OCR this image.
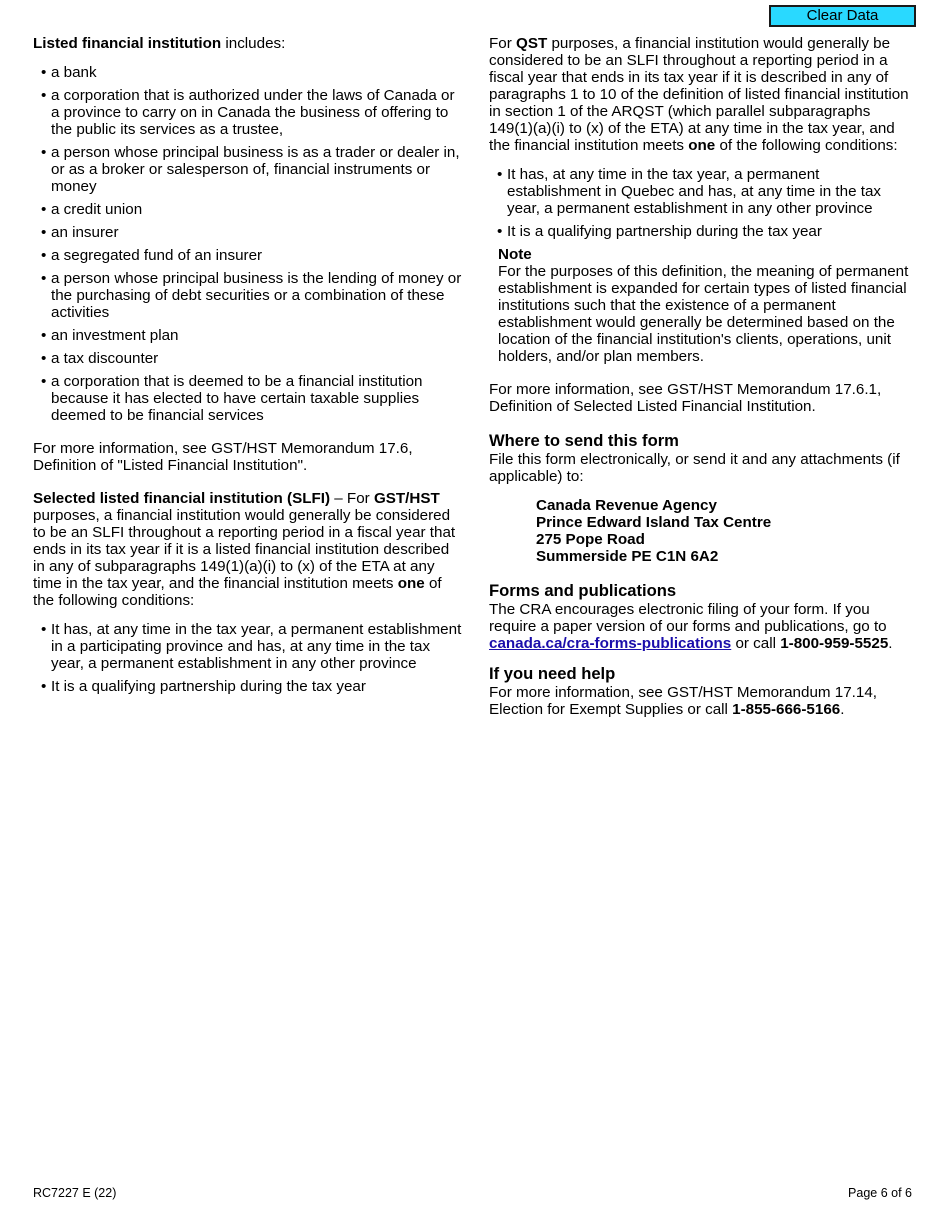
Clear Data

Listed financial institution includes:

• a bank
• a corporation that is authorized under the laws of Canada or a province to carry on in Canada the business of offering to the public its services as a trustee,
• a person whose principal business is as a trader or dealer in, or as a broker or salesperson of, financial instruments or money
• a credit union
• an insurer
• a segregated fund of an insurer
• a person whose principal business is the lending of money or the purchasing of debt securities or a combination of these activities
• an investment plan
• a tax discounter
• a corporation that is deemed to be a financial institution because it has elected to have certain taxable supplies deemed to be financial services

For more information, see GST/HST Memorandum 17.6, Definition of "Listed Financial Institution".

Selected listed financial institution (SLFI) – For GST/HST purposes, a financial institution would generally be considered to be an SLFI throughout a reporting period in a fiscal year that ends in its tax year if it is a listed financial institution described in any of subparagraphs 149(1)(a)(i) to (x) of the ETA at any time in the tax year, and the financial institution meets one of the following conditions:

• It has, at any time in the tax year, a permanent establishment in a participating province and has, at any time in the tax year, a permanent establishment in any other province
• It is a qualifying partnership during the tax year

For QST purposes, a financial institution would generally be considered to be an SLFI throughout a reporting period in a fiscal year that ends in its tax year if it is described in any of paragraphs 1 to 10 of the definition of listed financial institution in section 1 of the ARQST (which parallel subparagraphs 149(1)(a)(i) to (x) of the ETA) at any time in the tax year, and the financial institution meets one of the following conditions:

• It has, at any time in the tax year, a permanent establishment in Quebec and has, at any time in the tax year, a permanent establishment in any other province
• It is a qualifying partnership during the tax year
Note

For the purposes of this definition, the meaning of permanent establishment is expanded for certain types of listed financial institutions such that the existence of a permanent establishment would generally be determined based on the location of the financial institution's clients, operations, unit holders, and/or plan members.

For more information, see GST/HST Memorandum 17.6.1, Definition of Selected Listed Financial Institution.

Where to send this form

File this form electronically, or send it and any attachments (if applicable) to:

Canada Revenue Agency
Prince Edward Island Tax Centre
275 Pope Road
Summerside PE C1N 6A2
Forms and publications

The CRA encourages electronic filing of your form. If you require a paper version of our forms and publications, go to canada.ca/cra-forms-publications or call 1-800-959-5525.

If you need help

For more information, see GST/HST Memorandum 17.14, Election for Exempt Supplies or call 1-855-666-5166.

RC7227 E (22)	Page 6 of 6
